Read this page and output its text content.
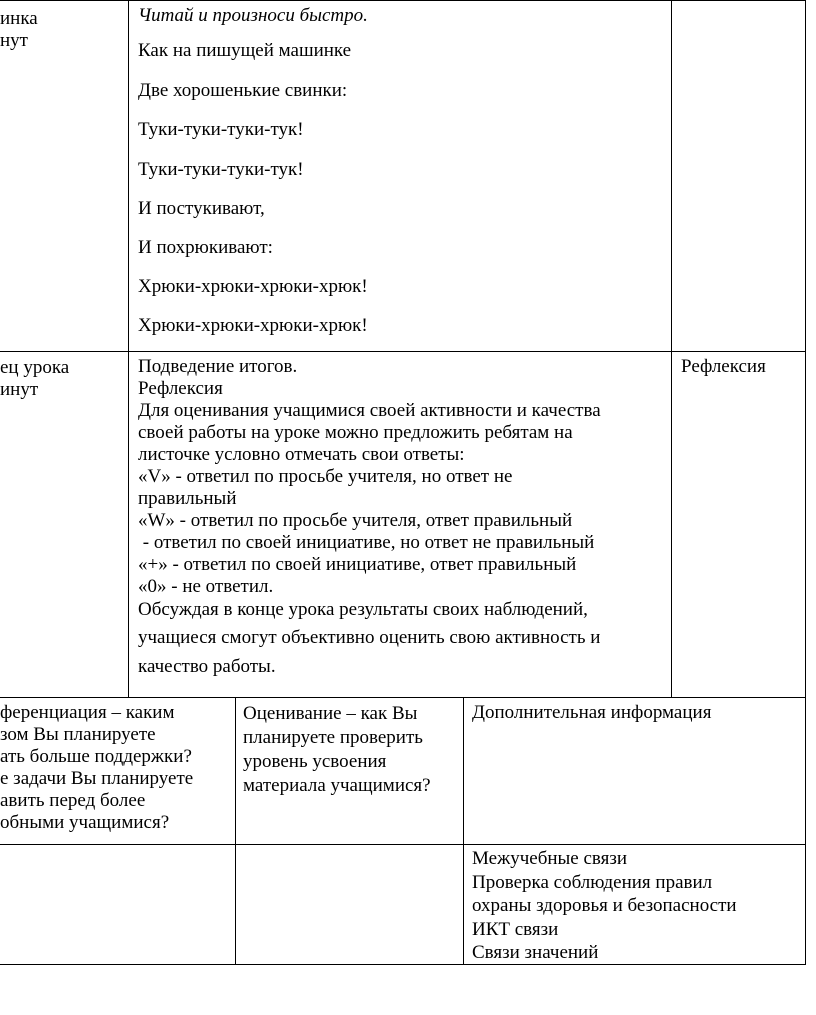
инка
нут
Читай и произноси быстро.
Как на пишущей машинке
Две хорошенькие свинки:
Туки-туки-туки-тук!
Туки-туки-туки-тук!
И постукивают,
И похрюкивают:
Хрюки-хрюки-хрюки-хрюк!
Хрюки-хрюки-хрюки-хрюк!
ец урока
инут
Подведение итогов.
Рефлексия
Для оценивания учащимися своей активности и качества
своей работы на уроке можно предложить ребятам на
листочке условно отмечать свои ответы:
«V» - ответил по просьбе учителя, но ответ не
правильный
«W» - ответил по просьбе учителя, ответ правильный
- ответил по своей инициативе, но ответ не правильный
«+» - ответил по своей инициативе, ответ правильный
«0» - не ответил.
Обсуждая в конце урока результаты своих наблюдений,
учащиеся смогут объективно оценить свою активность и
качество работы.
Рефлексия
ференциация – каким
зом Вы планируете
ать больше поддержки?
е задачи Вы планируете
авить перед более
обными учащимися?
Оценивание – как Вы
планируете проверить
уровень усвоения
материала учащимися?
Дополнительная информация
Межучебные связи
Проверка соблюдения правил
охраны здоровья и безопасности
ИКТ связи
Связи значений
